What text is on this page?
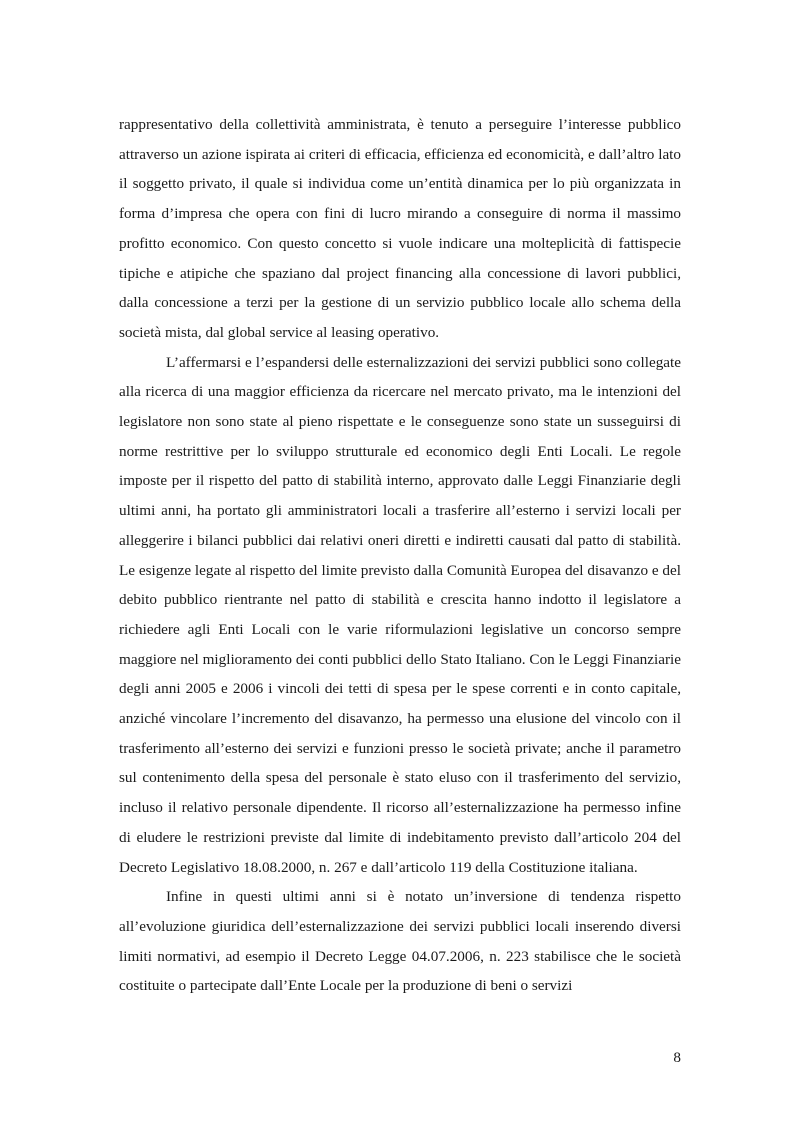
rappresentativo della collettività amministrata, è tenuto a perseguire l’interesse pubblico attraverso un azione ispirata ai criteri di efficacia, efficienza ed economicità, e dall’altro lato il soggetto privato, il quale si individua come un’entità dinamica per lo più organizzata in forma d’impresa che opera con fini di lucro mirando a conseguire di norma il massimo profitto economico. Con questo concetto si vuole indicare una molteplicità di fattispecie tipiche e atipiche che spaziano dal project financing alla concessione di lavori pubblici, dalla concessione a terzi per la gestione di un servizio pubblico locale allo schema della società mista, dal global service al leasing operativo.

L’affermarsi e l’espandersi delle esternalizzazioni dei servizi pubblici sono collegate alla ricerca di una maggior efficienza da ricercare nel mercato privato, ma le intenzioni del legislatore non sono state al pieno rispettate e le conseguenze sono state un susseguirsi di norme restrittive per lo sviluppo strutturale ed economico degli Enti Locali. Le regole imposte per il rispetto del patto di stabilità interno, approvato dalle Leggi Finanziarie degli ultimi anni, ha portato gli amministratori locali a trasferire all’esterno i servizi locali per alleggerire i bilanci pubblici dai relativi oneri diretti e indiretti causati dal patto di stabilità. Le esigenze legate al rispetto del limite previsto dalla Comunità Europea del disavanzo e del debito pubblico rientrante nel patto di stabilità e crescita hanno indotto il legislatore a richiedere agli Enti Locali con le varie riformulazioni legislative un concorso sempre maggiore nel miglioramento dei conti pubblici dello Stato Italiano. Con le Leggi Finanziarie degli anni 2005 e 2006 i vincoli dei tetti di spesa per le spese correnti e in conto capitale, anziché vincolare l’incremento del disavanzo, ha permesso una elusione del vincolo con il trasferimento all’esterno dei servizi e funzioni presso le società private; anche il parametro sul contenimento della spesa del personale è stato eluso con il trasferimento del servizio, incluso il relativo personale dipendente. Il ricorso all’esternalizzazione ha permesso infine di eludere le restrizioni previste dal limite di indebitamento previsto dall’articolo 204 del Decreto Legislativo 18.08.2000, n. 267 e dall’articolo 119 della Costituzione italiana.

Infine in questi ultimi anni si è notato un’inversione di tendenza rispetto all’evoluzione giuridica dell’esternalizzazione dei servizi pubblici locali inserendo diversi limiti normativi, ad esempio il Decreto Legge 04.07.2006, n. 223 stabilisce che le società costituite o partecipate dall’Ente Locale per la produzione di beni o servizi

8
